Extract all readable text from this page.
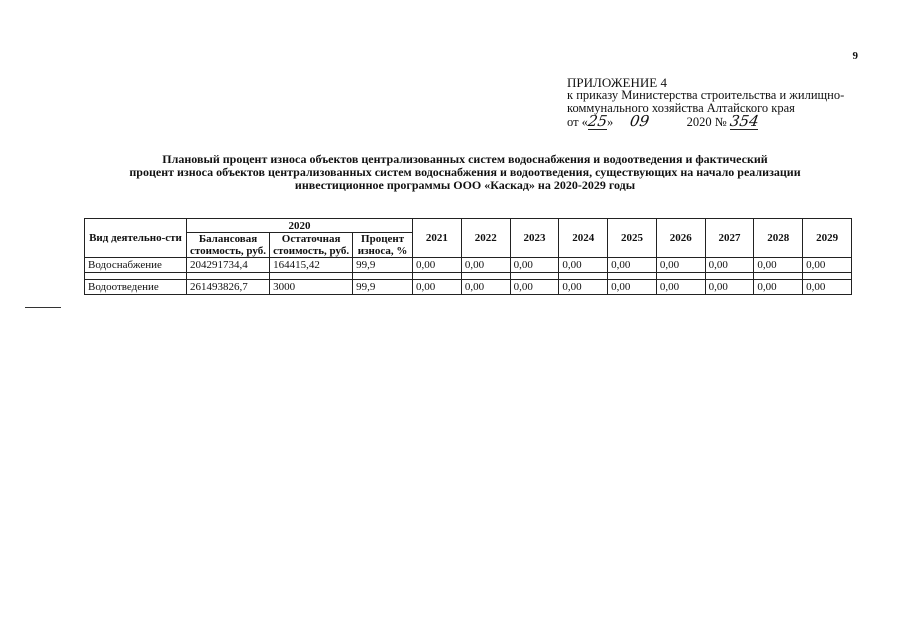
9
ПРИЛОЖЕНИЕ 4
к приказу Министерства строительства и жилищно-
коммунального хозяйства Алтайского края
от «25» 09	2020 № 354
Плановый процент износа объектов централизованных систем водоснабжения и водоотведения и фактический
процент износа объектов централизованных систем водоснабжения и водоотведения, существующих на начало реализации
инвестиционное программы ООО «Каскад» на 2020-2029 годы
Вид деятельно-сти	2020			2021	2022	2023	2024	2025	2026	2027	2028	2029
	Балансовая стоимость, руб.	Остаточная стоимость, руб.	Процент износа, %									
Водоснабжение	204291734,4	164415,42	99,9	0,00	0,00	0,00	0,00	0,00	0,00	0,00	0,00	0,00

Водоотведение	261493826,7	3000	99,9	0,00	0,00	0,00	0,00	0,00	0,00	0,00	0,00	0,00
